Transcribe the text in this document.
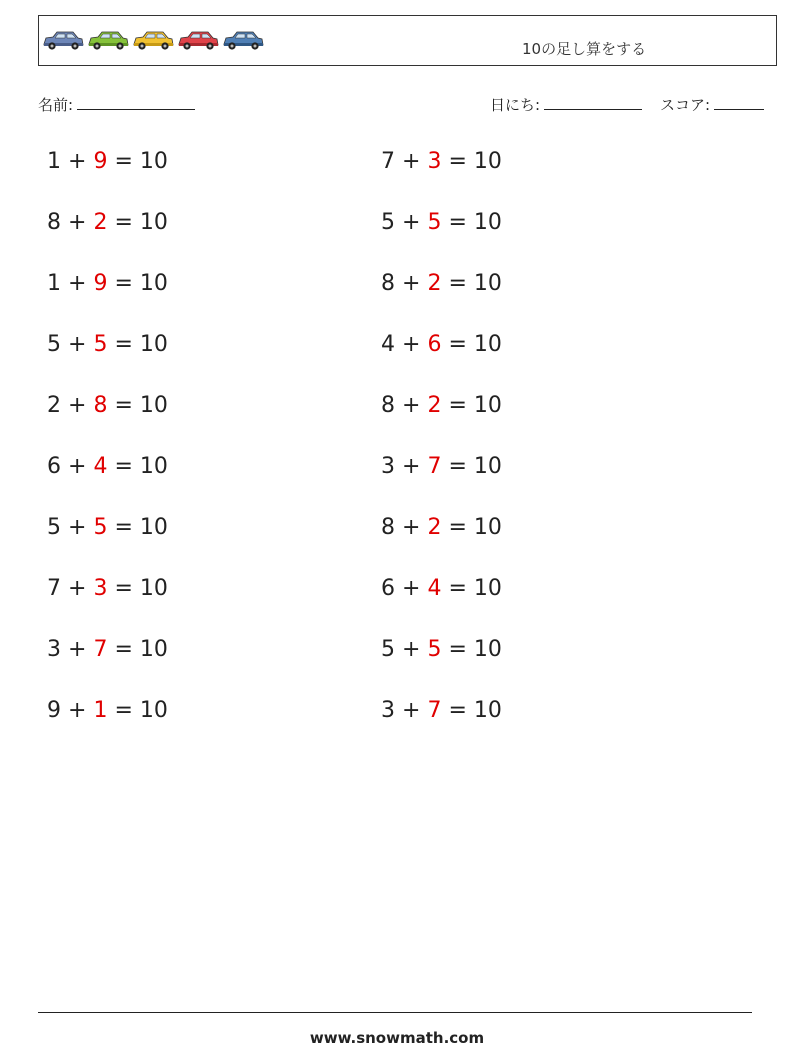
10の足し算をする
名前:	日にち:	スコア:
1 + 9 = 10
8 + 2 = 10
1 + 9 = 10
5 + 5 = 10
2 + 8 = 10
6 + 4 = 10
5 + 5 = 10
7 + 3 = 10
3 + 7 = 10
9 + 1 = 10
7 + 3 = 10
5 + 5 = 10
8 + 2 = 10
4 + 6 = 10
8 + 2 = 10
3 + 7 = 10
8 + 2 = 10
6 + 4 = 10
5 + 5 = 10
3 + 7 = 10
www.snowmath.com
